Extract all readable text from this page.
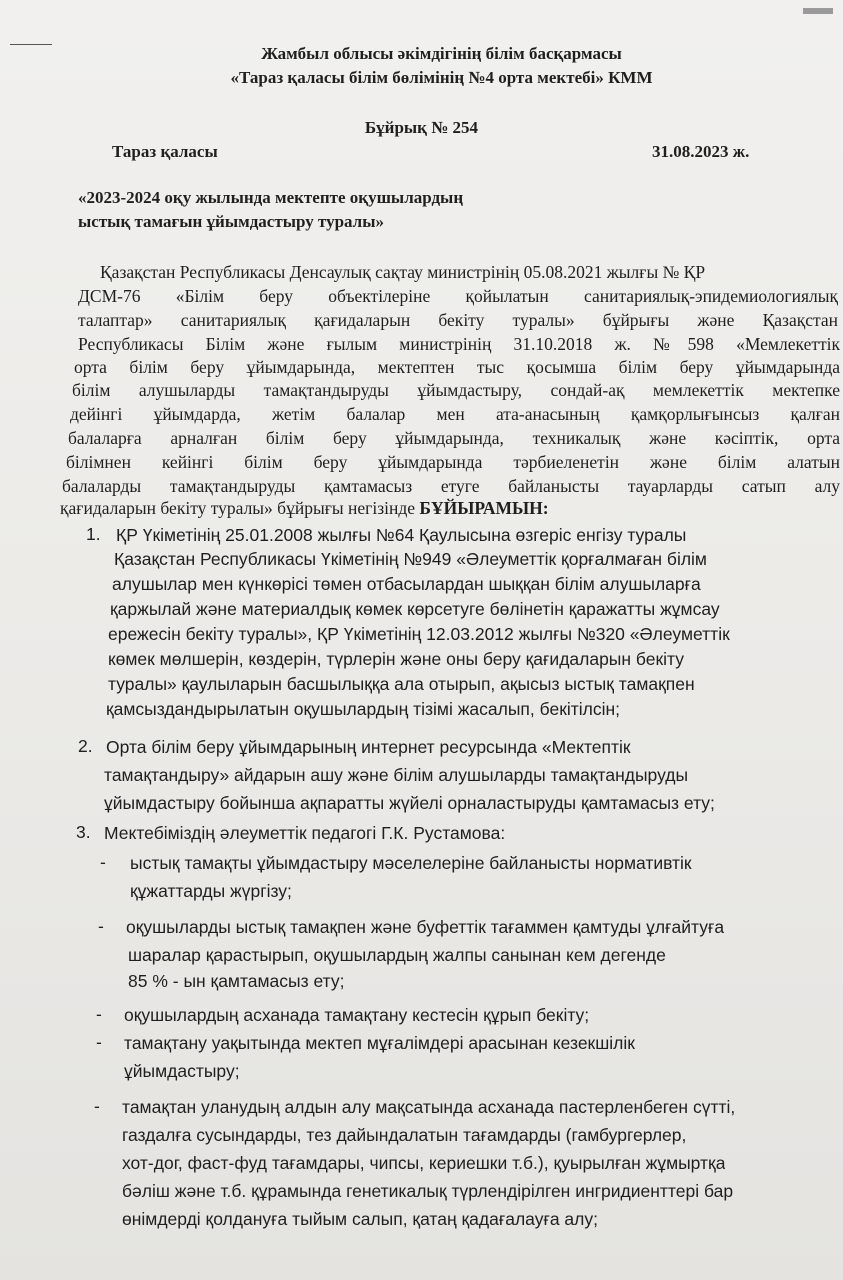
Жамбыл облысы әкімдігінің білім басқармасы
«Тараз қаласы білім бөлімінің №4 орта мектебі» КММ
Бұйрық № 254
Тараз қаласы	31.08.2023 ж.
«2023-2024 оқу жылында мектепте оқушылардың
ыстық тамағын ұйымдастыру туралы»
Қазақстан Республикасы Денсаулық сақтау министрінің 05.08.2021 жылғы № ҚР
ДСМ-76 «Білім беру объектілеріне қойылатын санитариялық-эпидемиологиялық
талаптар» санитариялық қағидаларын бекіту туралы» бұйрығы және Қазақстан
Республикасы Білім және ғылым министрінің 31.10.2018 ж. №598 «Мемлекеттік
орта білім беру ұйымдарында, мектептен тыс қосымша білім беру ұйымдарында
білім алушыларды тамақтандыруды ұйымдастыру, сондай-ақ мемлекеттік мектепке
дейінгі ұйымдарда, жетім балалар мен ата-анасының қамқорлығынсыз қалған
балаларға арналған білім беру ұйымдарында, техникалық және кәсіптік, орта
білімнен кейінгі білім беру ұйымдарында тәрбиеленетін және білім алатын
балаларды тамақтандыруды қамтамасыз етуге байланысты тауарларды сатып алу
қағидаларын бекіту туралы» бұйрығы негізінде БҰЙЫРАМЫН:
1. ҚР Үкіметінің 25.01.2008 жылғы №64 Қаулысына өзгеріс енгізу туралы
Қазақстан Республикасы Үкіметінің №949 «Әлеуметтік қорғалмаған білім
алушылар мен күнкөрісі төмен отбасылардан шыққан білім алушыларға
қаржылай және материалдық көмек көрсетуге бөлінетін қаражатты жұмсау
ережесін бекіту туралы», ҚР Үкіметінің 12.03.2012 жылғы №320 «Әлеуметтік
көмек мөлшерін, көздерін, түрлерін және оны беру қағидаларын бекіту
туралы» қаулыларын басшылыққа ала отырып, ақысыз ыстық тамақпен
қамсыздандырылатын оқушылардың тізімі жасалып, бекітілсін;
2. Орта білім беру ұйымдарының интернет ресурсында «Мектептік
тамақтандыру» айдарын ашу және білім алушыларды тамақтандыруды
ұйымдастыру бойынша ақпаратты жүйелі орналастыруды қамтамасыз ету;
3. Мектебіміздің әлеуметтік педагогі Г.К. Рустамова:
- ыстық тамақты ұйымдастыру мәселелеріне байланысты нормативтік
құжаттарды жүргізу;
- оқушыларды ыстық тамақпен және буфеттік тағаммен қамтуды ұлғайтуға
шаралар қарастырып, оқушылардың жалпы санынан кем дегенде
85 % - ын қамтамасыз ету;
- оқушылардың асханада тамақтану кестесін құрып бекіту;
- тамақтану уақытында мектеп мұғалімдері арасынан кезекшілік
ұйымдастыру;
- тамақтан уланудың алдын алу мақсатында асханада пастерленбеген сүтті,
газдалға сусындарды, тез дайындалатын тағамдарды (гамбургерлер,
хот-дог, фаст-фуд тағамдары, чипсы, кериешки т.б.), қуырылған жұмыртқа
бәліш және т.б. құрамында генетикалық түрлендірілген ингридиенттері бар
өнімдерді қолдануға тыйым салып, қатаң қадағалауға алу;
